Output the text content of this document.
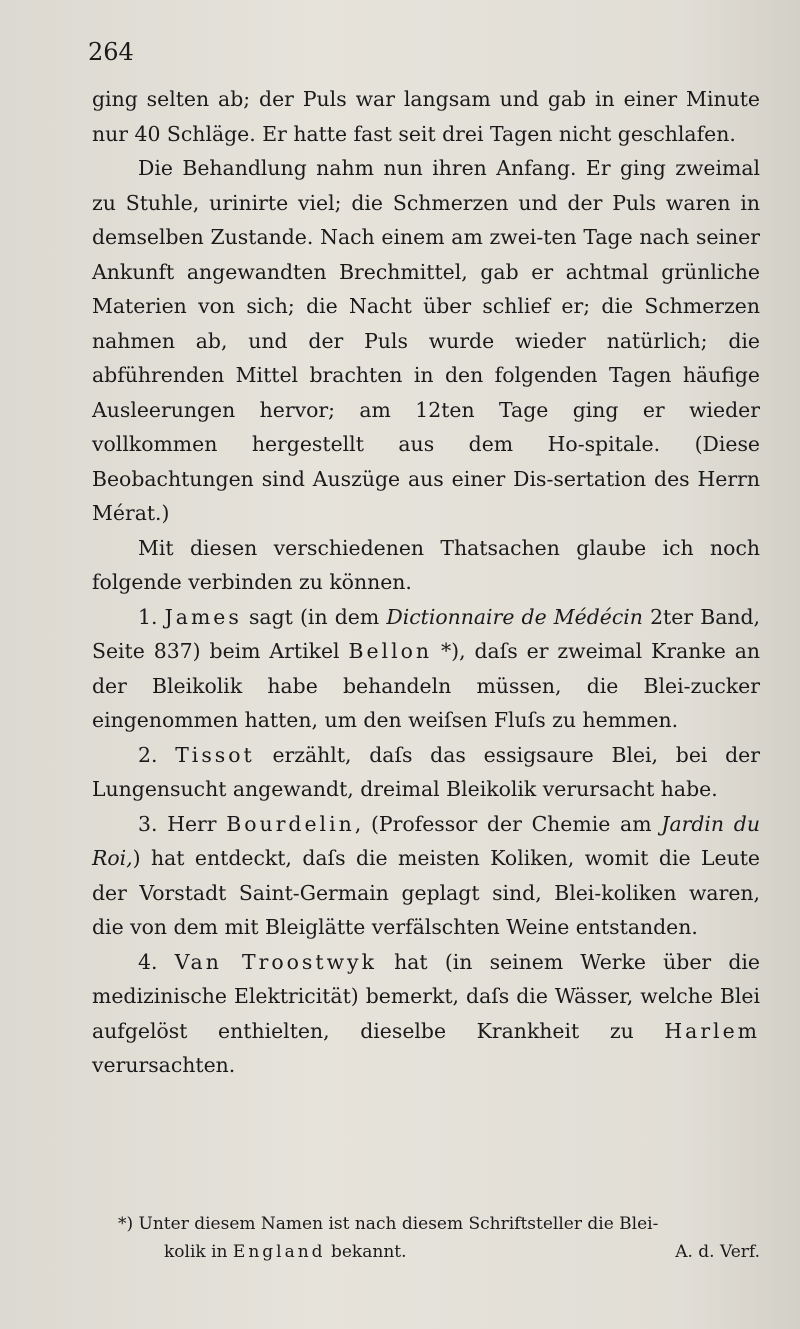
264

ging selten ab; der Puls war langsam und gab in einer Minute nur 40 Schläge. Er hatte fast seit drei Tagen nicht geschlafen.

Die Behandlung nahm nun ihren Anfang. Er ging zweimal zu Stuhle, urinirte viel; die Schmerzen und der Puls waren in demselben Zustande. Nach einem am zwei-ten Tage nach seiner Ankunft angewandten Brechmittel, gab er achtmal grünliche Materien von sich; die Nacht über schlief er; die Schmerzen nahmen ab, und der Puls wurde wieder natürlich; die abführenden Mittel brachten in den folgenden Tagen häufige Ausleerungen hervor; am 12ten Tage ging er wieder vollkommen hergestellt aus dem Ho-spitale. (Diese Beobachtungen sind Auszüge aus einer Dis-sertation des Herrn Mérat.)

Mit diesen verschiedenen Thatsachen glaube ich noch folgende verbinden zu können.

1. James sagt (in dem Dictionnaire de Médécin 2ter Band, Seite 837) beim Artikel Bellon *), daſs er zweimal Kranke an der Bleikolik habe behandeln müssen, die Blei-zucker eingenommen hatten, um den weiſsen Fluſs zu hemmen.

2. Tissot erzählt, daſs das essigsaure Blei, bei der Lungensucht angewandt, dreimal Bleikolik verursacht habe.

3. Herr Bourdelin, (Professor der Chemie am Jardin du Roi,) hat entdeckt, daſs die meisten Koliken, womit die Leute der Vorstadt Saint-Germain geplagt sind, Blei-koliken waren, die von dem mit Bleiglätte verfälschten Weine entstanden.

4. Van Troostwyk hat (in seinem Werke über die medizinische Elektricität) bemerkt, daſs die Wässer, welche Blei aufgelöst enthielten, dieselbe Krankheit zu Harlem verursachten.

*) Unter diesem Namen ist nach diesem Schriftsteller die Blei-
kolik in England bekannt.	A. d. Verf.
